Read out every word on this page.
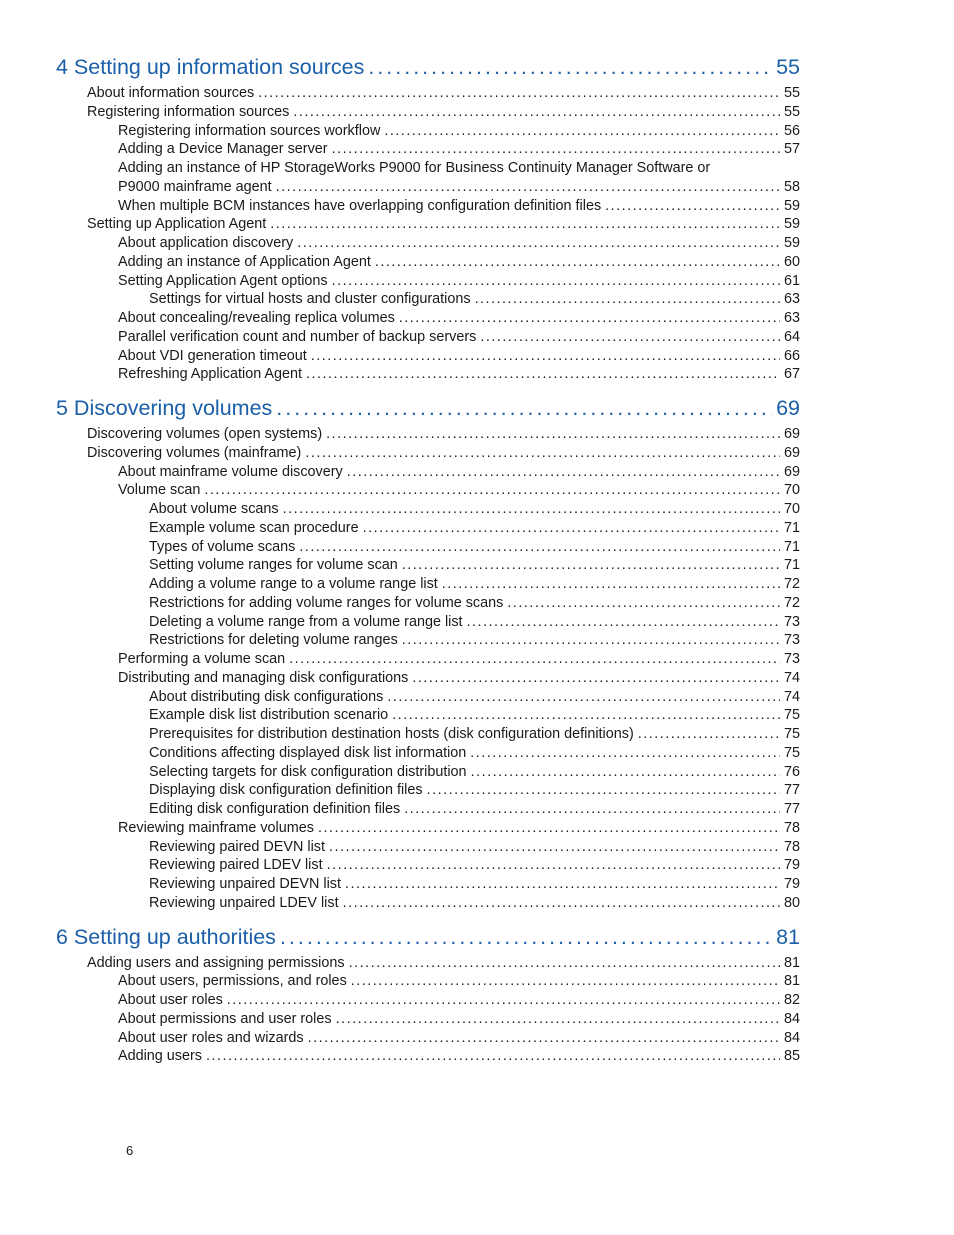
4 Setting up information sources .....	55
About information sources .....	55
Registering information sources .....	55
Registering information sources workflow .....	56
Adding a Device Manager server .....	57
Adding an instance of HP StorageWorks P9000 for Business Continuity Manager Software or
P9000 mainframe agent .....	58
When multiple BCM instances have overlapping configuration definition files .....	59
Setting up Application Agent .....	59
About application discovery .....	59
Adding an instance of Application Agent .....	60
Setting Application Agent options .....	61
Settings for virtual hosts and cluster configurations .....	63
About concealing/revealing replica volumes .....	63
Parallel verification count and number of backup servers .....	64
About VDI generation timeout .....	66
Refreshing Application Agent .....	67
5 Discovering volumes .....	69
Discovering volumes (open systems) .....	69
Discovering volumes (mainframe) .....	69
About mainframe volume discovery .....	69
Volume scan .....	70
About volume scans .....	70
Example volume scan procedure .....	71
Types of volume scans .....	71
Setting volume ranges for volume scan .....	71
Adding a volume range to a volume range list .....	72
Restrictions for adding volume ranges for volume scans .....	72
Deleting a volume range from a volume range list .....	73
Restrictions for deleting volume ranges .....	73
Performing a volume scan .....	73
Distributing and managing disk configurations .....	74
About distributing disk configurations .....	74
Example disk list distribution scenario .....	75
Prerequisites for distribution destination hosts (disk configuration definitions) .....	75
Conditions affecting displayed disk list information .....	75
Selecting targets for disk configuration distribution .....	76
Displaying disk configuration definition files .....	77
Editing disk configuration definition files .....	77
Reviewing mainframe volumes .....	78
Reviewing paired DEVN list .....	78
Reviewing paired LDEV list .....	79
Reviewing unpaired DEVN list .....	79
Reviewing unpaired LDEV list .....	80
6 Setting up authorities .....	81
Adding users and assigning permissions .....	81
About users, permissions, and roles .....	81
About user roles .....	82
About permissions and user roles .....	84
About user roles and wizards .....	84
Adding users .....	85
6
